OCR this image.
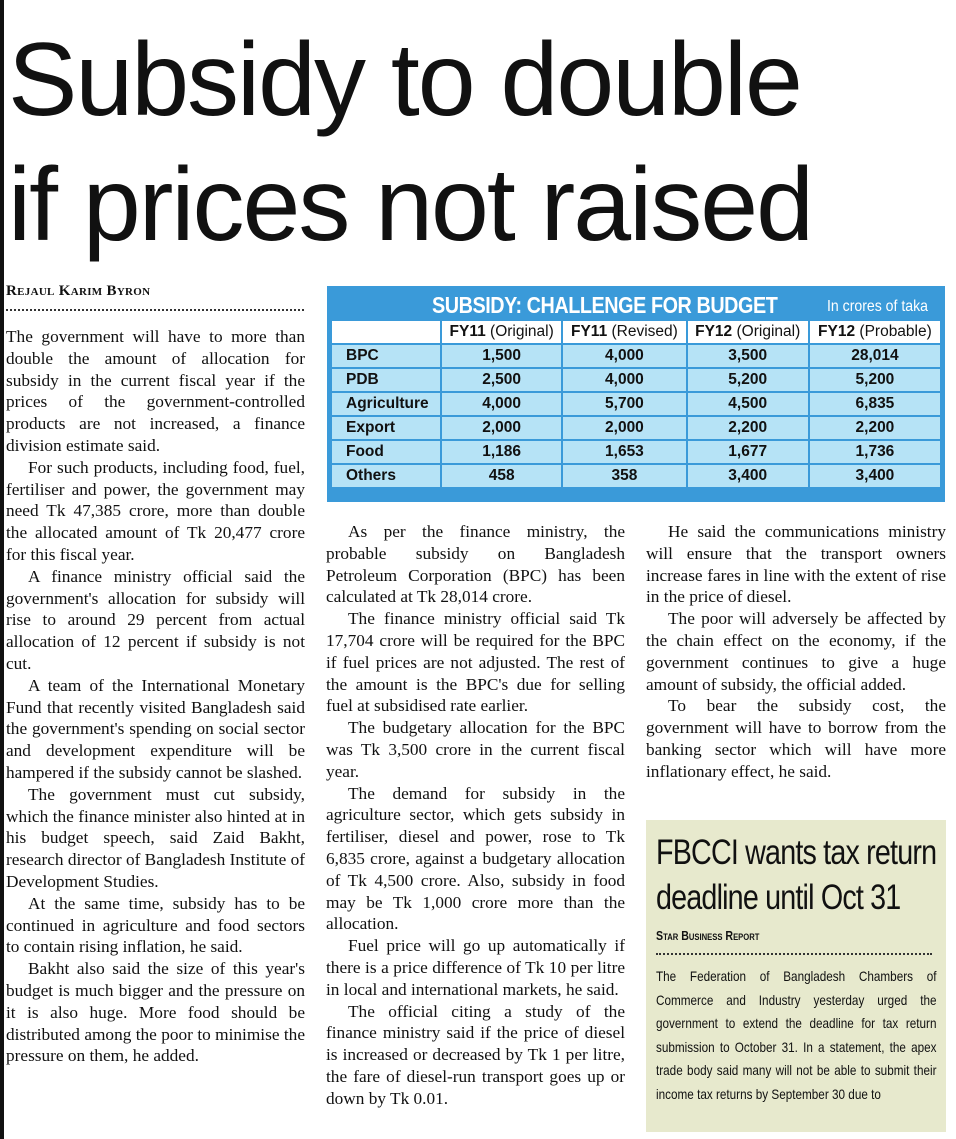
Subsidy to double
if prices not raised
Rejaul Karim Byron
SUBSIDY: CHALLENGE FOR BUDGET	In crores of taka
	FY11 (Original)	FY11 (Revised)	FY12 (Original)	FY12 (Probable)
BPC	1,500	4,000	3,500	28,014
PDB	2,500	4,000	5,200	5,200
Agriculture	4,000	5,700	4,500	6,835
Export	2,000	2,000	2,200	2,200
Food	1,186	1,653	1,677	1,736
Others	458	358	3,400	3,400

The government will have to more than double the amount of allocation for subsidy in the current fiscal year if the prices of the government-controlled products are not increased, a finance division estimate said.

For such products, including food, fuel, fertiliser and power, the government may need Tk 47,385 crore, more than double the allocated amount of Tk 20,477 crore for this fiscal year.

A finance ministry official said the government's allocation for subsidy will rise to around 29 percent from actual allocation of 12 percent if subsidy is not cut.

A team of the International Monetary Fund that recently visited Bangladesh said the government's spending on social sector and development expenditure will be hampered if the subsidy cannot be slashed.

The government must cut subsidy, which the finance minister also hinted at in his budget speech, said Zaid Bakht, research director of Bangladesh Institute of Development Studies.

At the same time, subsidy has to be continued in agriculture and food sectors to contain rising inflation, he said.

Bakht also said the size of this year's budget is much bigger and the pressure on it is also huge. More food should be distributed among the poor to minimise the pressure on them, he added.

As per the finance ministry, the probable subsidy on Bangladesh Petroleum Corporation (BPC) has been calculated at Tk 28,014 crore.

The finance ministry official said Tk 17,704 crore will be required for the BPC if fuel prices are not adjusted. The rest of the amount is the BPC's due for selling fuel at subsidised rate earlier.

The budgetary allocation for the BPC was Tk 3,500 crore in the current fiscal year.

The demand for subsidy in the agriculture sector, which gets subsidy in fertiliser, diesel and power, rose to Tk 6,835 crore, against a budgetary allocation of Tk 4,500 crore. Also, subsidy in food may be Tk 1,000 crore more than the allocation.

Fuel price will go up automatically if there is a price difference of Tk 10 per litre in local and international markets, he said.

The official citing a study of the finance ministry said if the price of diesel is increased or decreased by Tk 1 per litre, the fare of diesel-run transport goes up or down by Tk 0.01.

He said the communications ministry will ensure that the transport owners increase fares in line with the extent of rise in the price of diesel.

The poor will adversely be affected by the chain effect on the economy, if the government continues to give a huge amount of subsidy, the official added.

To bear the subsidy cost, the government will have to borrow from the banking sector which will have more inflationary effect, he said.

FBCCI wants tax return
deadline until Oct 31
Star Business Report
The Federation of Bangladesh Chambers of Commerce and Industry yesterday urged the government to extend the deadline for tax return submission to October 31. In a statement, the apex trade body said many will not be able to submit their income tax returns by September 30 due to
